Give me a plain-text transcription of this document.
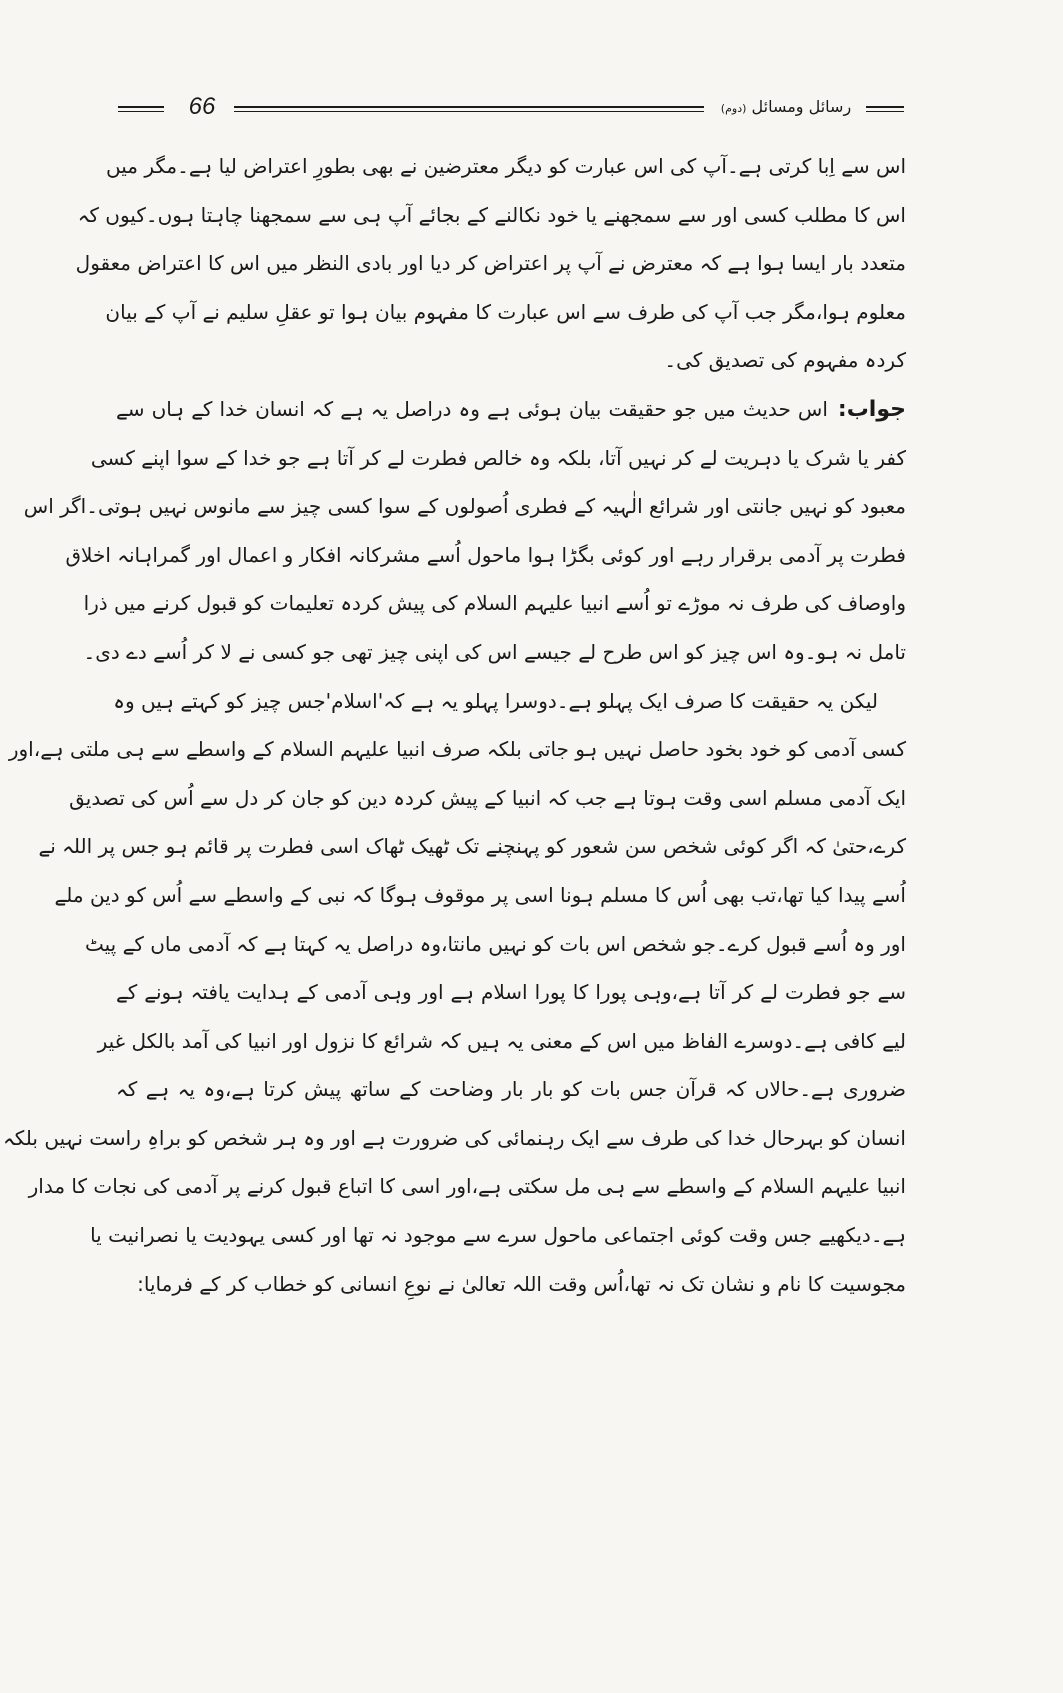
66	رسائل ومسائل (دوم)
اس سے اِبا کرتی ہے۔آپ کی اس عبارت کو دیگر معترضین نے بھی بطورِ اعتراض لیا ہے۔مگر میں
اس کا مطلب کسی اور سے سمجھنے یا خود نکالنے کے بجائے آپ ہی سے سمجھنا چاہتا ہوں۔کیوں کہ
متعدد بار ایسا ہوا ہے کہ معترض نے آپ پر اعتراض کر دیا اور بادی النظر میں اس کا اعتراض معقول
معلوم ہوا،مگر جب آپ کی طرف سے اس عبارت کا مفہوم بیان ہوا تو عقلِ سلیم نے آپ کے بیان
کردہ مفہوم کی تصدیق کی۔
جواب:اس حدیث میں جو حقیقت بیان ہوئی ہے وہ دراصل یہ ہے کہ انسان خدا کے ہاں سے
کفر یا شرک یا دہریت لے کر نہیں آتا، بلکہ وہ خالص فطرت لے کر آتا ہے جو خدا کے سوا اپنے کسی
معبود کو نہیں جانتی اور شرائع الٰہیہ کے فطری اُصولوں کے سوا کسی چیز سے مانوس نہیں ہوتی۔اگر اس
فطرت پر آدمی برقرار رہے اور کوئی بگڑا ہوا ماحول اُسے مشرکانہ افکار و اعمال اور گمراہانہ اخلاق
واوصاف کی طرف نہ موڑے تو اُسے انبیا علیہم السلام کی پیش کردہ تعلیمات کو قبول کرنے میں ذرا
تامل نہ ہو۔وہ اس چیز کو اس طرح لے جیسے اس کی اپنی چیز تھی جو کسی نے لا کر اُسے دے دی۔
لیکن یہ حقیقت کا صرف ایک پہلو ہے۔دوسرا پہلو یہ ہے کہ'اسلام'جس چیز کو کہتے ہیں وہ
کسی آدمی کو خود بخود حاصل نہیں ہو جاتی بلکہ صرف انبیا علیہم السلام کے واسطے سے ہی ملتی ہے،اور
ایک آدمی مسلم اسی وقت ہوتا ہے جب کہ انبیا کے پیش کردہ دین کو جان کر دل سے اُس کی تصدیق
کرے،حتیٰ کہ اگر کوئی شخص سن شعور کو پہنچنے تک ٹھیک ٹھاک اسی فطرت پر قائم ہو جس پر اللہ نے
اُسے پیدا کیا تھا،تب بھی اُس کا مسلم ہونا اسی پر موقوف ہوگا کہ نبی کے واسطے سے اُس کو دین ملے
اور وہ اُسے قبول کرے۔جو شخص اس بات کو نہیں مانتا،وہ دراصل یہ کہتا ہے کہ آدمی ماں کے پیٹ
سے جو فطرت لے کر آتا ہے،وہی پورا کا پورا اسلام ہے اور وہی آدمی کے ہدایت یافتہ ہونے کے
لیے کافی ہے۔دوسرے الفاظ میں اس کے معنی یہ ہیں کہ شرائع کا نزول اور انبیا کی آمد بالکل غیر
ضروری ہے۔حالاں کہ قرآن جس بات کو بار بار وضاحت کے ساتھ پیش کرتا ہے،وہ یہ ہے کہ
انسان کو بہرحال خدا کی طرف سے ایک رہنمائی کی ضرورت ہے اور وہ ہر شخص کو براہِ راست نہیں بلکہ
انبیا علیہم السلام کے واسطے سے ہی مل سکتی ہے،اور اسی کا اتباع قبول کرنے پر آدمی کی نجات کا مدار
ہے۔دیکھیے جس وقت کوئی اجتماعی ماحول سرے سے موجود نہ تھا اور کسی یہودیت یا نصرانیت یا
مجوسیت کا نام و نشان تک نہ تھا،اُس وقت اللہ تعالیٰ نے نوعِ انسانی کو خطاب کر کے فرمایا:
